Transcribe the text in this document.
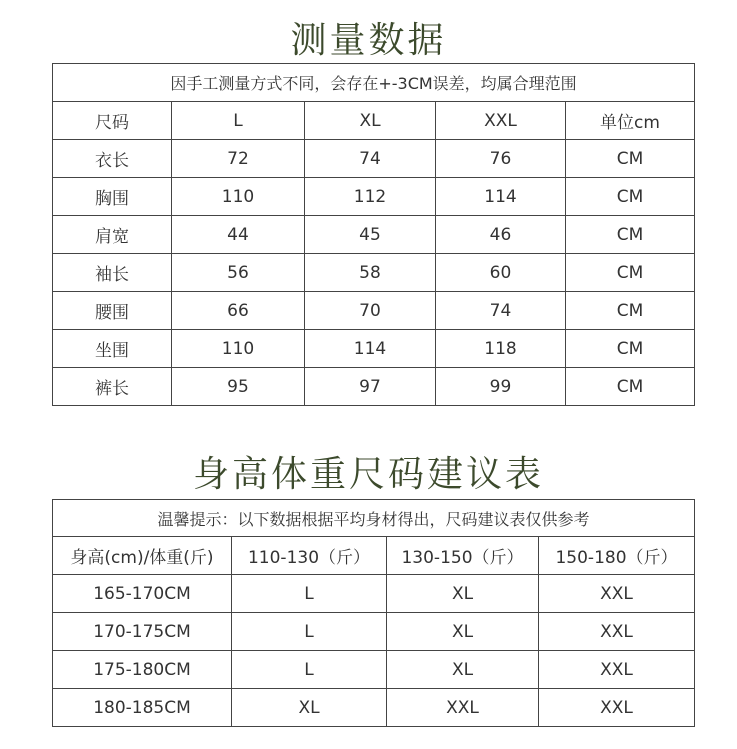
测量数据
因手工测量方式不同，会存在+-3CM误差，均属合理范围				
尺码	L	XL	XXL	单位cm
衣长	72	74	76	CM
胸围	110	112	114	CM
肩宽	44	45	46	CM
袖长	56	58	60	CM
腰围	66	70	74	CM
坐围	110	114	118	CM
裤长	95	97	99	CM
身高体重尺码建议表
温馨提示：以下数据根据平均身材得出，尺码建议表仅供参考			
身高(cm)/体重(斤)	110-130（斤）	130-150（斤）	150-180（斤）
165-170CM	L	XL	XXL
170-175CM	L	XL	XXL
175-180CM	L	XL	XXL
180-185CM	XL	XXL	XXL
